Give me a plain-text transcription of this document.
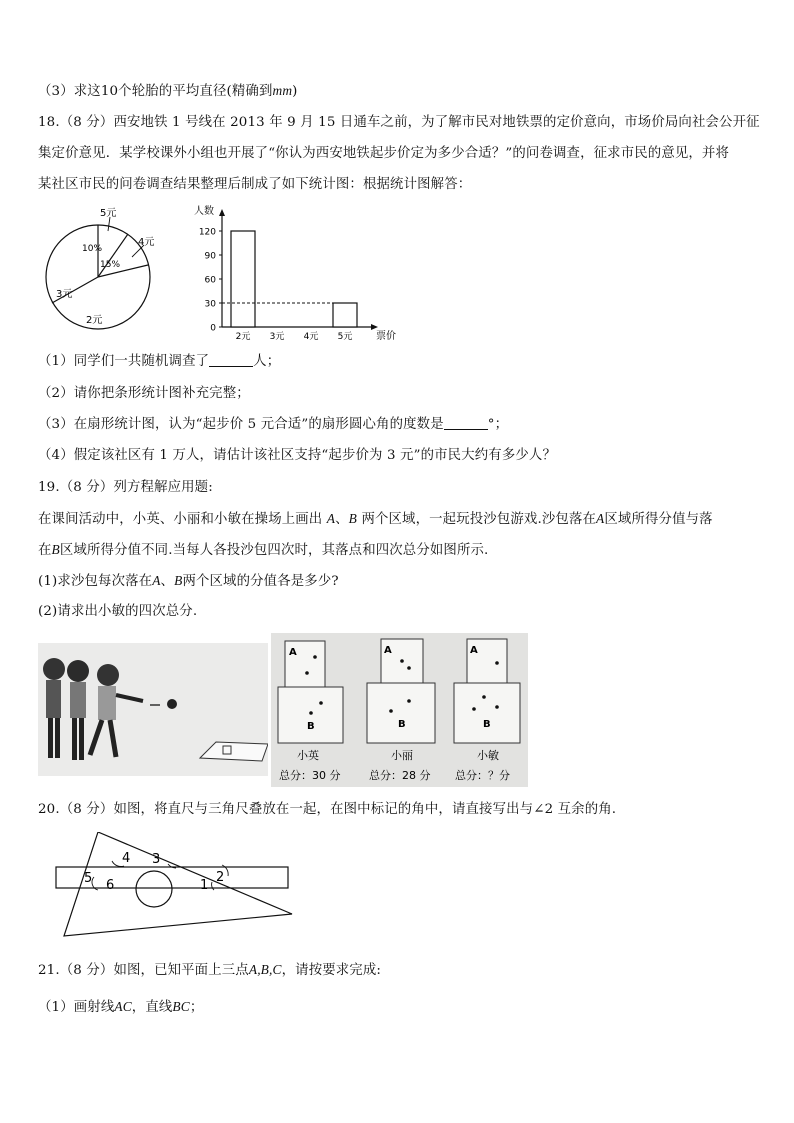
（3）求这10个轮胎的平均直径(精确到mm)
18.（8 分）西安地铁 1 号线在 2013 年 9 月 15 日通车之前，为了解市民对地铁票的定价意向，市场价局向社会公开征
集定价意见．某学校课外小组也开展了“你认为西安地铁起步价定为多少合适？”的问卷调查，征求市民的意见，并将
某社区市民的问卷调查结果整理后制成了如下统计图：根据统计图解答：
5元
4元
3元
2元
10%
15%
人数
票价
0
30
60
90
120
2元 3元 4元 5元
（1）同学们一共随机调查了	人；
（2）请你把条形统计图补充完整；
（3）在扇形统计图，认为“起步价 5 元合适”的扇形圆心角的度数是	°；
（4）假定该社区有 1 万人，请估计该社区支持“起步价为 3 元”的市民大约有多少人？
19.（8 分）列方程解应用题:
在课间活动中，小英、小丽和小敏在操场上画出 A、B 两个区域，一起玩投沙包游戏.沙包落在A区域所得分值与落
在B区域所得分值不同.当每人各投沙包四次时，其落点和四次总分如图所示.
(1)求沙包每次落在A、B两个区域的分值各是多少?
(2)请求出小敏的四次总分.
A
B
小英
总分：30 分
A
B
小丽
总分：28 分
A
B
小敏
总分：？分
20.（8 分）如图，将直尺与三角尺叠放在一起，在图中标记的角中，请直接写出与∠2 互余的角.
4 3
5 6	1
2
21.（8 分）如图，已知平面上三点A,B,C，请按要求完成:
（1）画射线AC，直线BC；
